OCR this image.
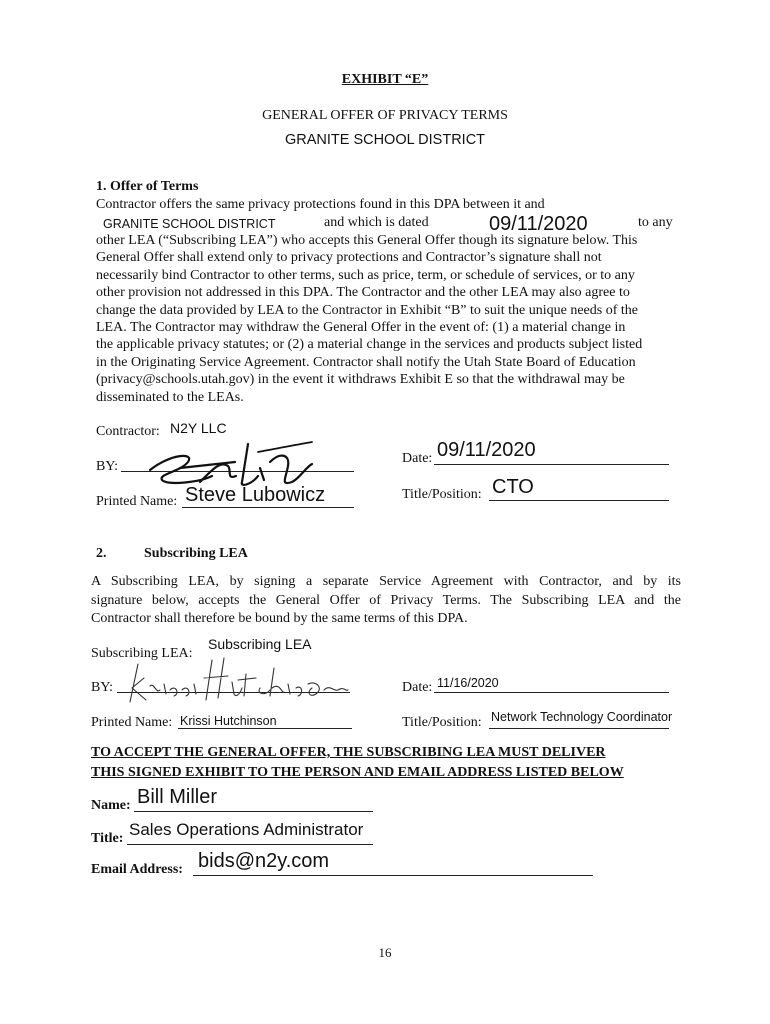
EXHIBIT “E”
GENERAL OFFER OF PRIVACY TERMS
GRANITE SCHOOL DISTRICT
1. Offer of Terms
Contractor offers the same privacy protections found in this DPA between it and
GRANITE SCHOOL DISTRICT	and which is dated	09/11/2020	to any
other LEA (“Subscribing LEA”) who accepts this General Offer though its signature below. This
General Offer shall extend only to privacy protections and Contractor’s signature shall not
necessarily bind Contractor to other terms, such as price, term, or schedule of services, or to any
other provision not addressed in this DPA. The Contractor and the other LEA may also agree to
change the data provided by LEA to the Contractor in Exhibit “B” to suit the unique needs of the
LEA. The Contractor may withdraw the General Offer in the event of: (1) a material change in
the applicable privacy statutes; or (2) a material change in the services and products subject listed
in the Originating Service Agreement. Contractor shall notify the Utah State Board of Education
(privacy@schools.utah.gov) in the event it withdraws Exhibit E so that the withdrawal may be
disseminated to the LEAs.
Contractor: N2Y LLC
BY:
Date: 09/11/2020
Printed Name: Steve Lubowicz	Title/Position: CTO
2.	Subscribing LEA
A Subscribing LEA, by signing a separate Service Agreement with Contractor, and by its
signature below, accepts the General Offer of Privacy Terms. The Subscribing LEA and the
Contractor shall therefore be bound by the same terms of this DPA.
Subscribing LEA:
Subscribing LEA
BY:	Date: 11/16/2020
Printed Name: Krissi Hutchinson	Title/Position: Network Technology Coordinator
TO ACCEPT THE GENERAL OFFER, THE SUBSCRIBING LEA MUST DELIVER
THIS SIGNED EXHIBIT TO THE PERSON AND EMAIL ADDRESS LISTED BELOW
Name: Bill Miller
Title: Sales Operations Administrator
Email Address: bids@n2y.com
16
